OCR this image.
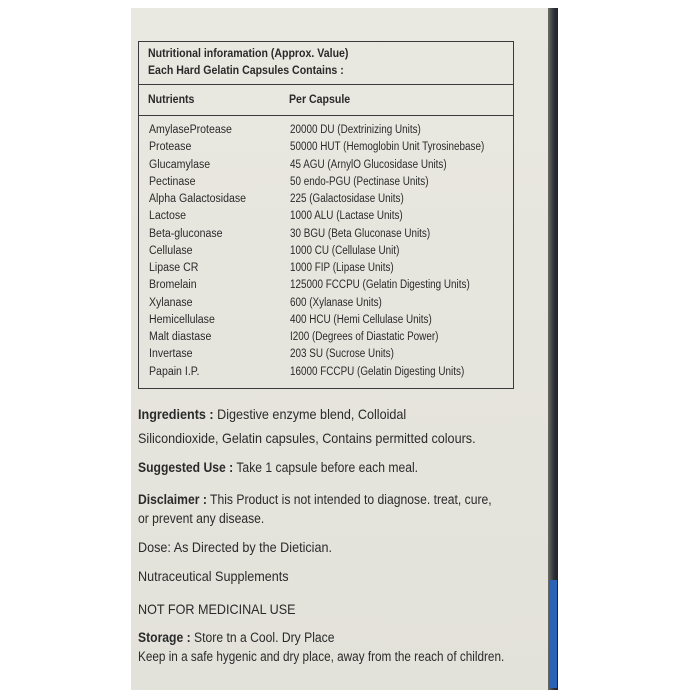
Nutritional inforamation (Approx. Value)
Each Hard Gelatin Capsules Contains :
Nutrients	Per Capsule
AmylaseProtease	20000 DU (Dextrinizing Units)
Protease	50000 HUT (Hemoglobin Unit Tyrosinebase)
Glucamylase	45 AGU (ArnylO Glucosidase Units)
Pectinase	50 endo-PGU (Pectinase Units)
Alpha Galactosidase	225 (Galactosidase Units)
Lactose	1000 ALU (Lactase Units)
Beta-gluconase	30 BGU (Beta Gluconase Units)
Cellulase	1000 CU (Cellulase Unit)
Lipase CR	1000 FIP (Lipase Units)
Bromelain	125000 FCCPU (Gelatin Digesting Units)
Xylanase	600 (Xylanase Units)
Hemicellulase	400 HCU (Hemi Cellulase Units)
Malt diastase	I200 (Degrees of Diastatic Power)
Invertase	203 SU (Sucrose Units)
Papain I.P.	16000 FCCPU (Gelatin Digesting Units)
Ingredients : Digestive enzyme blend, Colloidal
Silicondioxide, Gelatin capsules, Contains permitted colours.
Suggested Use : Take 1 capsule before each meal.
Disclaimer : This Product is not intended to diagnose. treat, cure,
or prevent any disease.
Dose: As Directed by the Dietician.
Nutraceutical Supplements
NOT FOR MEDICINAL USE
Storage : Store tn a Cool. Dry Place
Keep in a safe hygenic and dry place, away from the reach of children.
